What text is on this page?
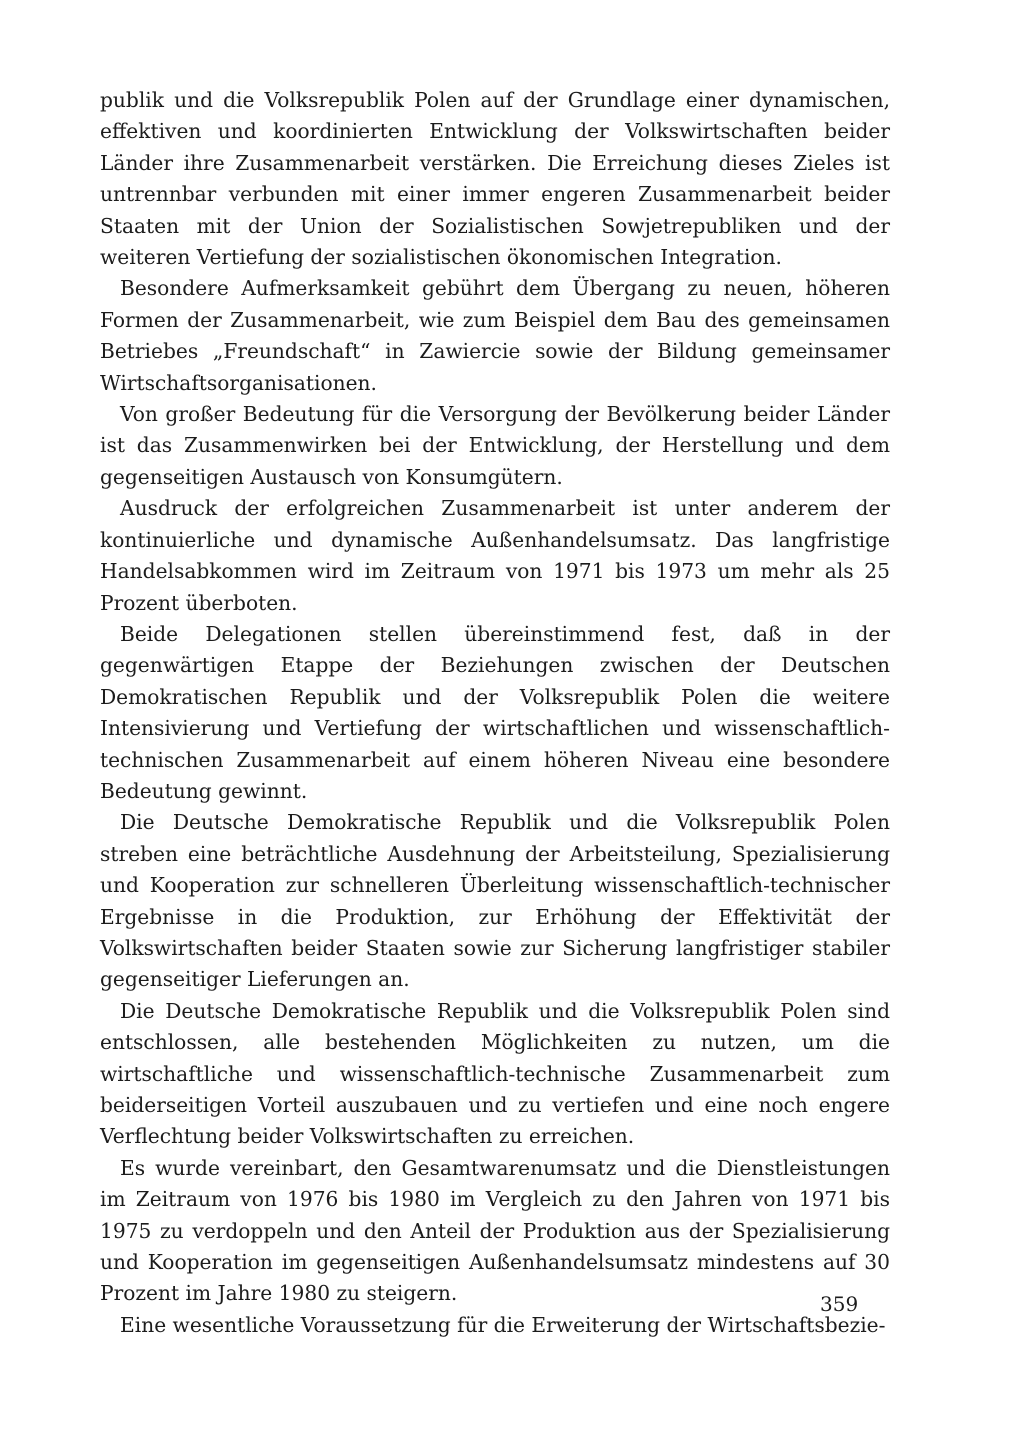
publik und die Volksrepublik Polen auf der Grundlage einer dynamischen, effektiven und koordinierten Entwicklung der Volkswirtschaften beider Länder ihre Zusammenarbeit verstärken. Die Erreichung dieses Zieles ist untrennbar verbunden mit einer immer engeren Zusammenarbeit beider Staaten mit der Union der Sozialistischen Sowjetrepubliken und der weiteren Vertiefung der sozialistischen ökonomischen Integration.

Besondere Aufmerksamkeit gebührt dem Übergang zu neuen, höheren Formen der Zusammenarbeit, wie zum Beispiel dem Bau des gemeinsamen Betriebes „Freundschaft“ in Zawiercie sowie der Bildung gemeinsamer Wirtschaftsorganisationen.

Von großer Bedeutung für die Versorgung der Bevölkerung beider Länder ist das Zusammenwirken bei der Entwicklung, der Herstellung und dem gegenseitigen Austausch von Konsumgütern.

Ausdruck der erfolgreichen Zusammenarbeit ist unter anderem der kontinuierliche und dynamische Außenhandelsumsatz. Das langfristige Handelsabkommen wird im Zeitraum von 1971 bis 1973 um mehr als 25 Prozent überboten.

Beide Delegationen stellen übereinstimmend fest, daß in der gegenwärtigen Etappe der Beziehungen zwischen der Deutschen Demokratischen Republik und der Volksrepublik Polen die weitere Intensivierung und Vertiefung der wirtschaftlichen und wissenschaftlich-technischen Zusammenarbeit auf einem höheren Niveau eine besondere Bedeutung gewinnt.

Die Deutsche Demokratische Republik und die Volksrepublik Polen streben eine beträchtliche Ausdehnung der Arbeitsteilung, Spezialisierung und Kooperation zur schnelleren Überleitung wissenschaftlich-technischer Ergebnisse in die Produktion, zur Erhöhung der Effektivität der Volkswirtschaften beider Staaten sowie zur Sicherung langfristiger stabiler gegenseitiger Lieferungen an.

Die Deutsche Demokratische Republik und die Volksrepublik Polen sind entschlossen, alle bestehenden Möglichkeiten zu nutzen, um die wirtschaftliche und wissenschaftlich-technische Zusammenarbeit zum beiderseitigen Vorteil auszubauen und zu vertiefen und eine noch engere Verflechtung beider Volkswirtschaften zu erreichen.

Es wurde vereinbart, den Gesamtwarenumsatz und die Dienstleistungen im Zeitraum von 1976 bis 1980 im Vergleich zu den Jahren von 1971 bis 1975 zu verdoppeln und den Anteil der Produktion aus der Spezialisierung und Kooperation im gegenseitigen Außenhandelsumsatz mindestens auf 30 Prozent im Jahre 1980 zu steigern.

Eine wesentliche Voraussetzung für die Erweiterung der Wirtschaftsbezie-

359
